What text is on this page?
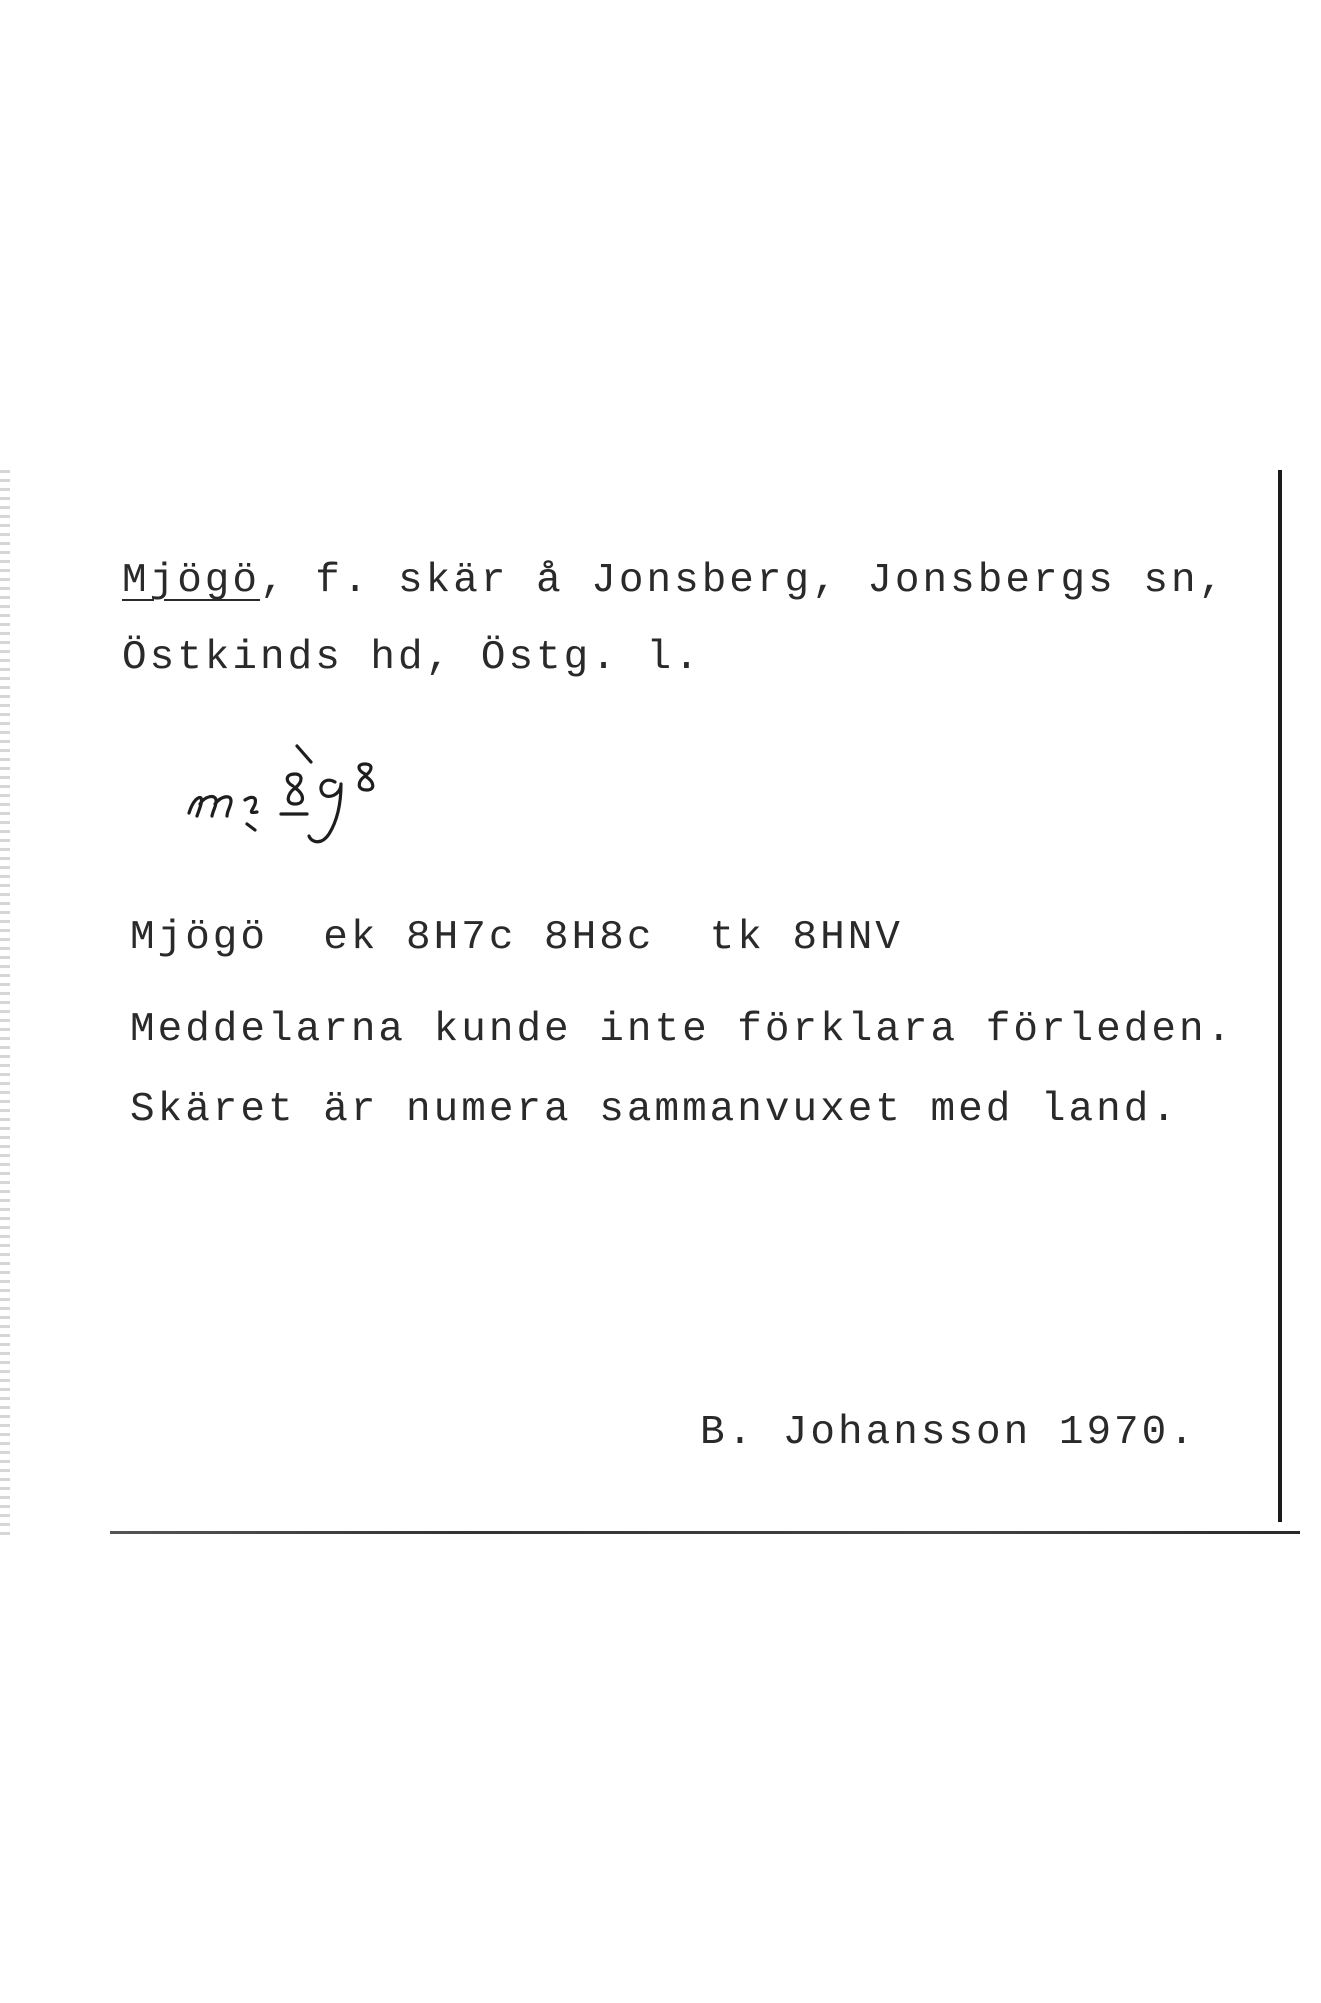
Mjögö, f. skär å Jonsberg, Jonsbergs sn,
Östkinds hd, Östg. l.
Mjögö  ek 8H7c 8H8c  tk 8HNV
Meddelarna kunde inte förklara förleden.
Skäret är numera sammanvuxet med land.
B. Johansson 1970.
